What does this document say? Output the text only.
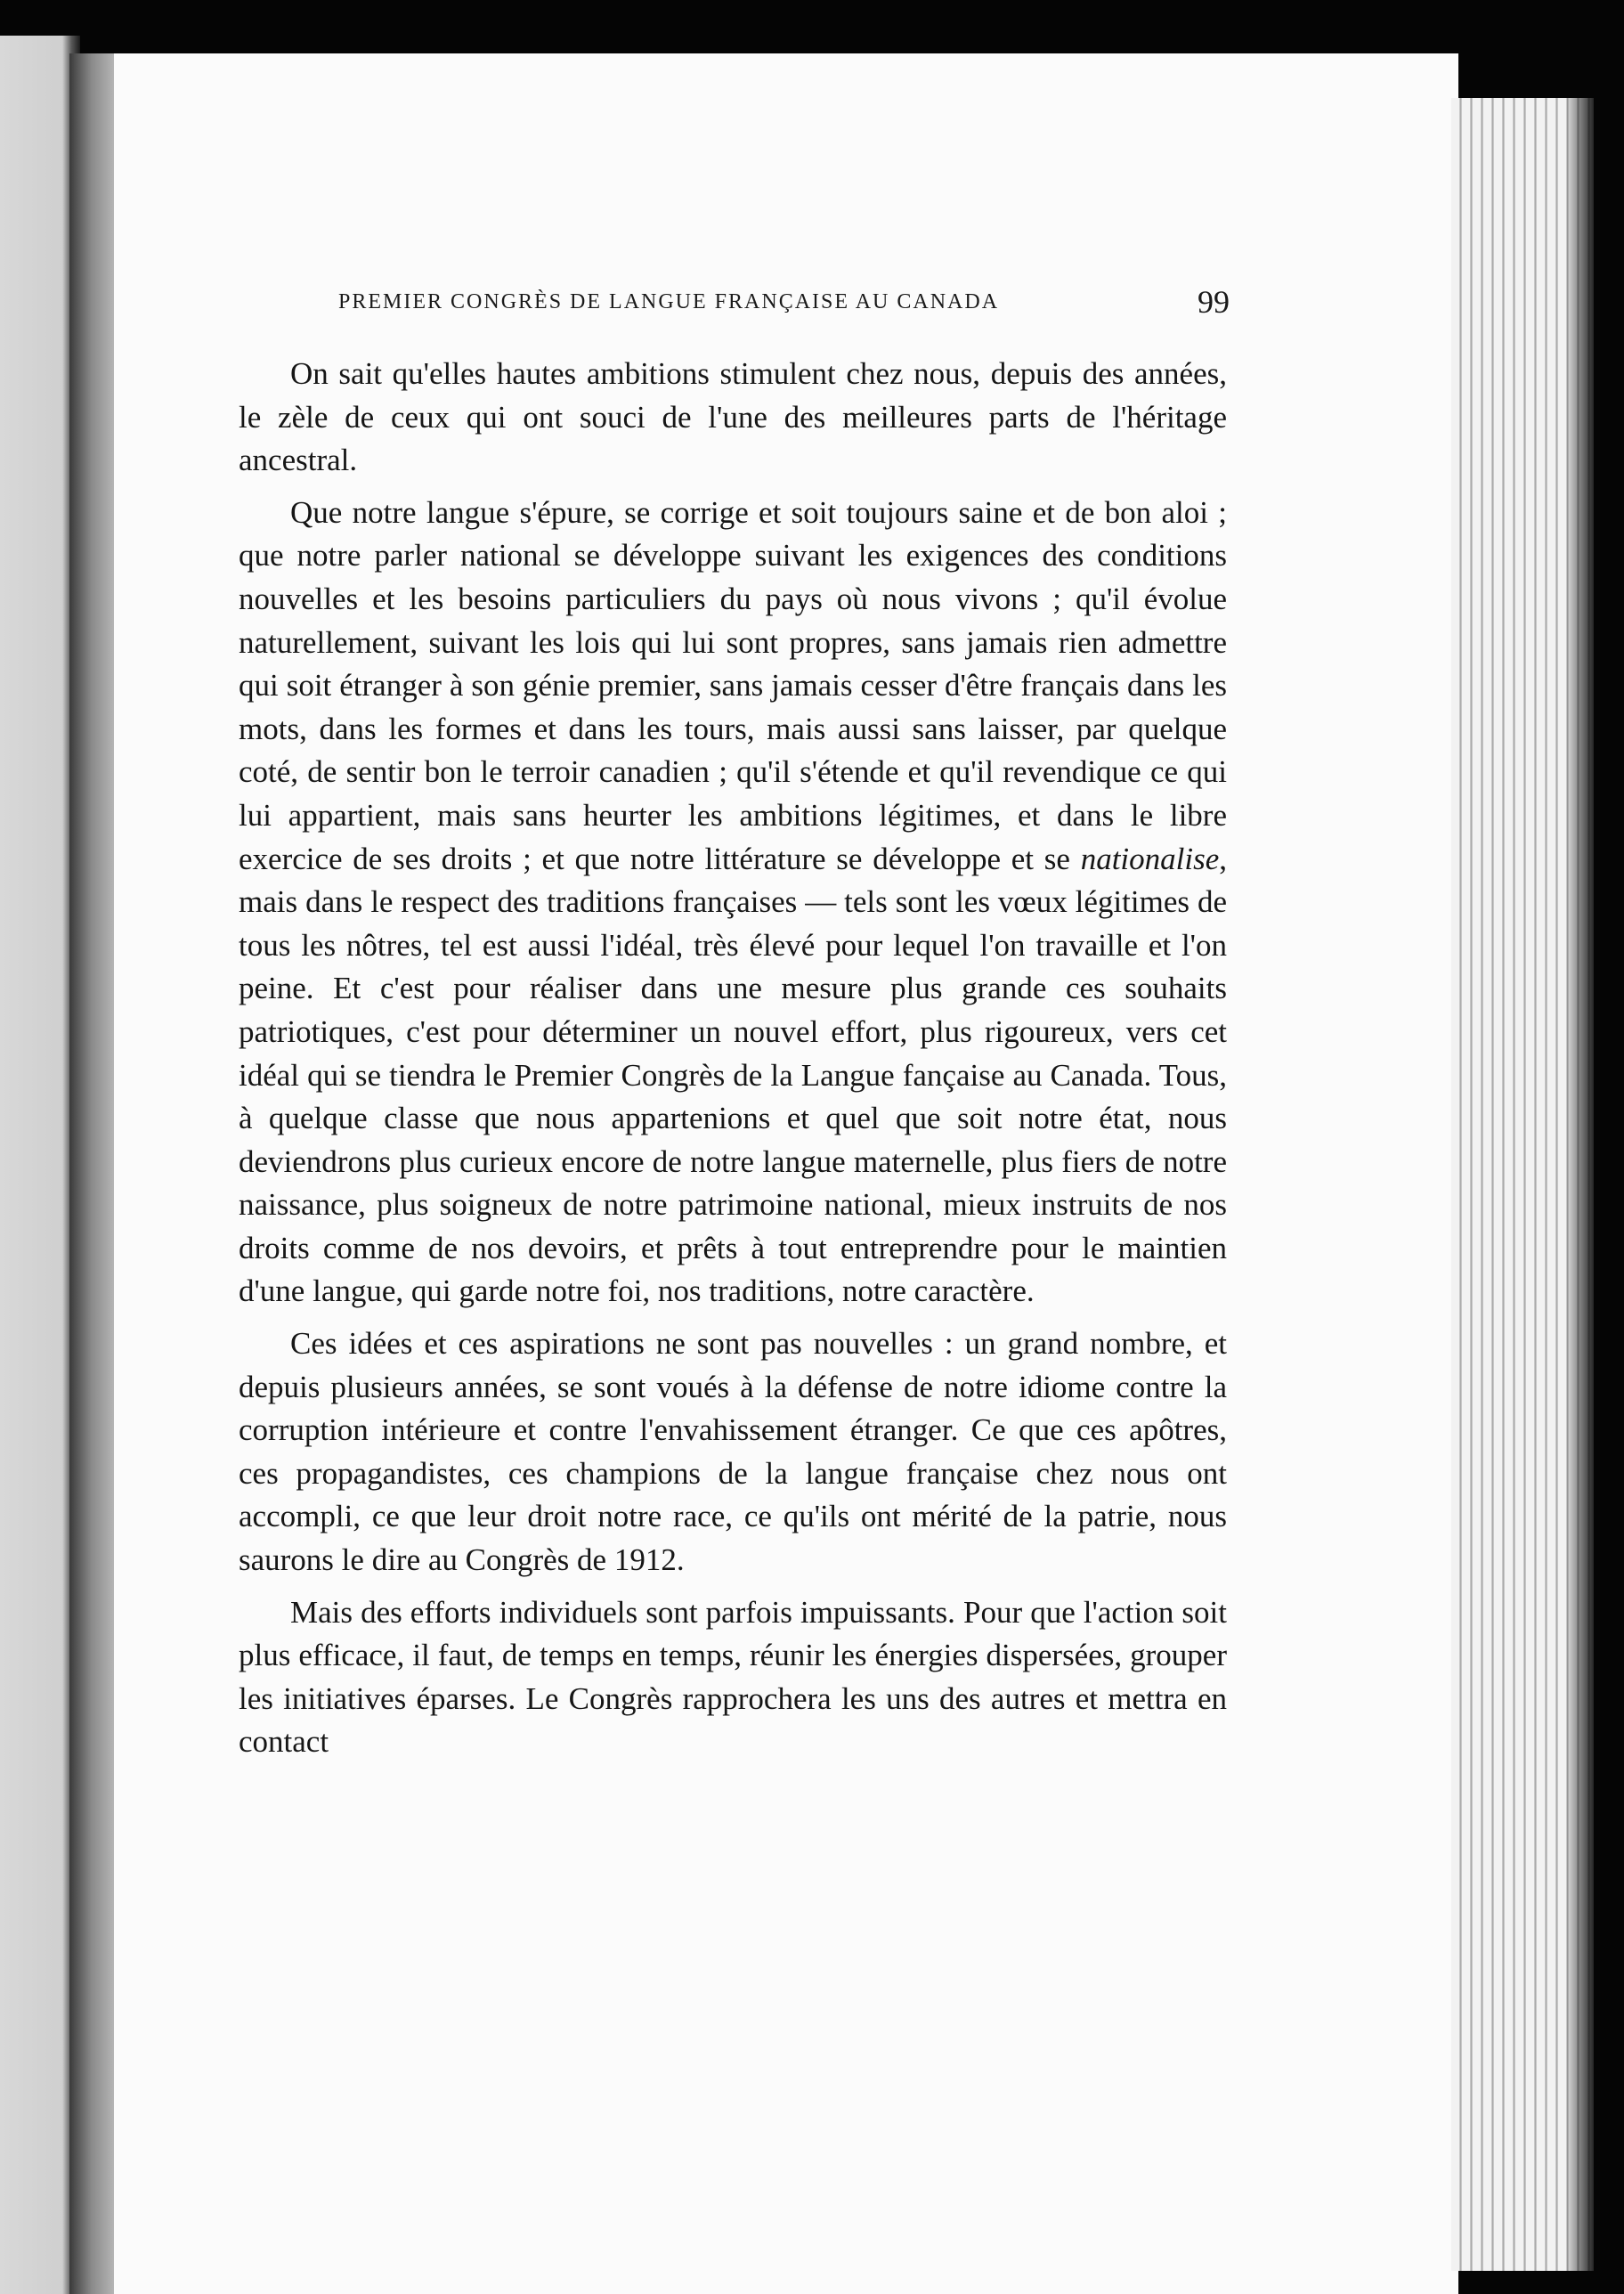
PREMIER CONGRÈS DE LANGUE FRANÇAISE AU CANADA	99

On sait qu'elles hautes ambitions stimulent chez nous, depuis des années, le zèle de ceux qui ont souci de l'une des meilleures parts de l'héritage ancestral.

Que notre langue s'épure, se corrige et soit toujours saine et de bon aloi ; que notre parler national se développe suivant les exigences des conditions nouvelles et les besoins particuliers du pays où nous vivons ; qu'il évolue naturellement, suivant les lois qui lui sont propres, sans jamais rien admettre qui soit étranger à son génie premier, sans jamais cesser d'être français dans les mots, dans les formes et dans les tours, mais aussi sans laisser, par quelque coté, de sentir bon le terroir canadien ; qu'il s'étende et qu'il revendique ce qui lui appartient, mais sans heurter les ambitions légitimes, et dans le libre exercice de ses droits ; et que notre littérature se développe et se nationalise, mais dans le respect des traditions françaises — tels sont les vœux légitimes de tous les nôtres, tel est aussi l'idéal, très élevé pour lequel l'on travaille et l'on peine. Et c'est pour réaliser dans une mesure plus grande ces souhaits patriotiques, c'est pour déterminer un nouvel effort, plus rigoureux, vers cet idéal qui se tiendra le Premier Congrès de la Langue fançaise au Canada. Tous, à quelque classe que nous appartenions et quel que soit notre état, nous deviendrons plus curieux encore de notre langue maternelle, plus fiers de notre naissance, plus soigneux de notre patrimoine national, mieux instruits de nos droits comme de nos devoirs, et prêts à tout entreprendre pour le maintien d'une langue, qui garde notre foi, nos traditions, notre caractère.

Ces idées et ces aspirations ne sont pas nouvelles : un grand nombre, et depuis plusieurs années, se sont voués à la défense de notre idiome contre la corruption intérieure et contre l'envahissement étranger. Ce que ces apôtres, ces propagandistes, ces champions de la langue française chez nous ont accompli, ce que leur droit notre race, ce qu'ils ont mérité de la patrie, nous saurons le dire au Congrès de 1912.

Mais des efforts individuels sont parfois impuissants. Pour que l'action soit plus efficace, il faut, de temps en temps, réunir les énergies dispersées, grouper les initiatives éparses. Le Congrès rapprochera les uns des autres et mettra en contact
